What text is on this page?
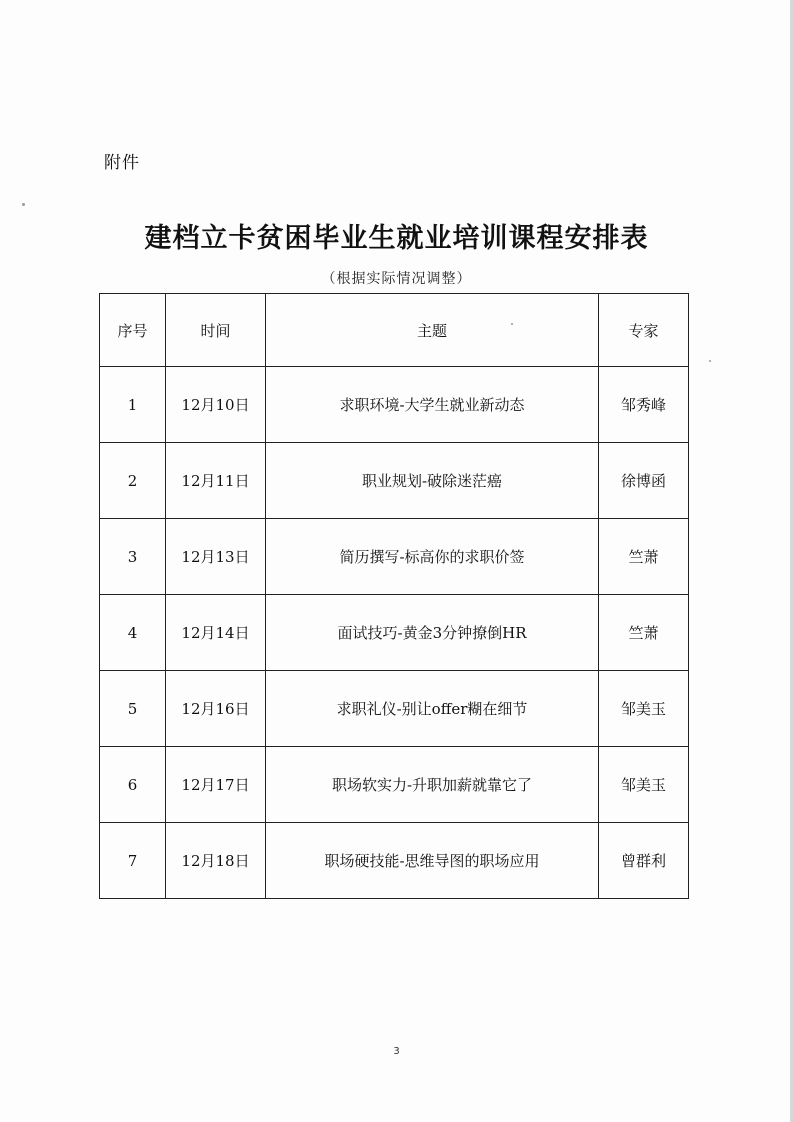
附件
建档立卡贫困毕业生就业培训课程安排表
（根据实际情况调整）
序号	时间	主题	专家
1	12月10日	求职环境-大学生就业新动态	邹秀峰
2	12月11日	职业规划-破除迷茫癌	徐博函
3	12月13日	简历撰写-标高你的求职价签	竺萧
4	12月14日	面试技巧-黄金3分钟撩倒HR	竺萧
5	12月16日	求职礼仪-别让offer糊在细节	邹美玉
6	12月17日	职场软实力-升职加薪就靠它了	邹美玉
7	12月18日	职场硬技能-思维导图的职场应用	曾群利
3
